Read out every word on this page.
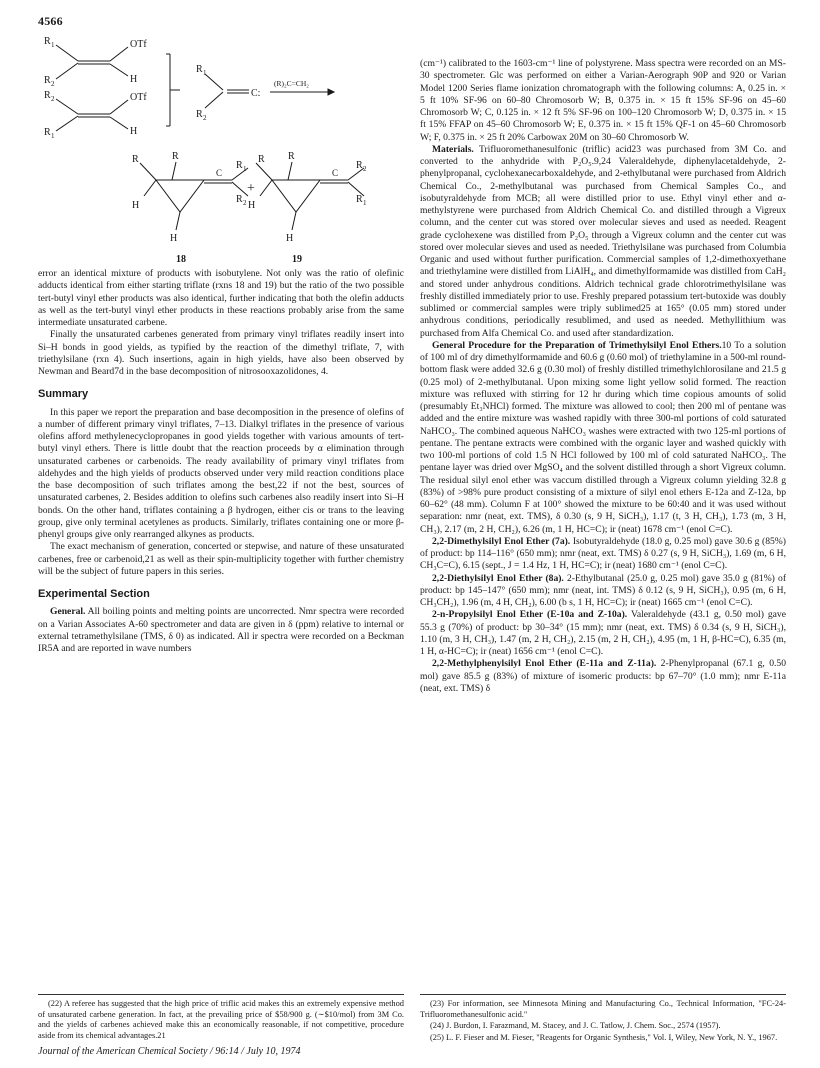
4566
R 1	OTf
R 2	H
R 2	OTf
R 1	H
R 1
R 2
C:
(R)₂C=CH₂
R	R
R 1
R 2
C
H
H
R R
R 2
R 1
C
H
H
+
18	19

error an identical mixture of products with isobutylene. Not only was the ratio of olefinic adducts identical from either starting triflate (rxns 18 and 19) but the ratio of the two possible tert-butyl vinyl ether products was also identical, further indicating that both the olefin adducts as well as the tert-butyl vinyl ether products in these reactions probably arise from the same intermediate unsaturated carbene.

Finally the unsaturated carbenes generated from primary vinyl triflates readily insert into Si–H bonds in good yields, as typified by the reaction of the dimethyl triflate, 7, with triethylsilane (rxn 4). Such insertions, again in high yields, have also been observed by Newman and Beard7d in the base decomposition of nitrosooxazolidones, 4.

Summary

In this paper we report the preparation and base decomposition in the presence of olefins of a number of different primary vinyl triflates, 7–13. Dialkyl triflates in the presence of various olefins afford methylenecyclopropanes in good yields together with various amounts of tert-butyl vinyl ethers. There is little doubt that the reaction proceeds by α elimination through unsaturated carbenes or carbenoids. The ready availability of primary vinyl triflates from aldehydes and the high yields of products observed under very mild reaction conditions place the base decomposition of such triflates among the best,22 if not the best, sources of unsaturated carbenes, 2. Besides addition to olefins such carbenes also readily insert into Si–H bonds. On the other hand, triflates containing a β hydrogen, either cis or trans to the leaving group, give only terminal acetylenes as products. Similarly, triflates containing one or more β-phenyl groups give only rearranged alkynes as products.

The exact mechanism of generation, concerted or stepwise, and nature of these unsaturated carbenes, free or carbenoid,21 as well as their spin-multiplicity together with further chemistry will be the subject of future papers in this series.

Experimental Section

General. All boiling points and melting points are uncorrected. Nmr spectra were recorded on a Varian Associates A-60 spectrometer and data are given in δ (ppm) relative to internal or external tetramethylsilane (TMS, δ 0) as indicated. All ir spectra were recorded on a Beckman IR5A and are reported in wave numbers

(cm⁻¹) calibrated to the 1603-cm⁻¹ line of polystyrene. Mass spectra were recorded on an MS-30 spectrometer. Glc was performed on either a Varian-Aerograph 90P and 920 or Varian Model 1200 Series flame ionization chromatograph with the following columns: A, 0.25 in. × 5 ft 10% SF-96 on 60–80 Chromosorb W; B, 0.375 in. × 15 ft 15% SF-96 on 45–60 Chromosorb W; C, 0.125 in. × 12 ft 5% SF-96 on 100–120 Chromosorb W; D, 0.375 in. × 15 ft 15% FFAP on 45–60 Chromosorb W; E, 0.375 in. × 15 ft 15% QF-1 on 45–60 Chromosorb W; F, 0.375 in. × 25 ft 20% Carbowax 20M on 30–60 Chromosorb W.

Materials. Trifluoromethanesulfonic (triflic) acid23 was purchased from 3M Co. and converted to the anhydride with P₂O₅.9,24 Valeraldehyde, diphenylacetaldehyde, 2-phenylpropanal, cyclohexanecarboxaldehyde, and 2-ethylbutanal were purchased from Aldrich Chemical Co., 2-methylbutanal was purchased from Chemical Samples Co., and isobutyraldehyde from MCB; all were distilled prior to use. Ethyl vinyl ether and α-methylstyrene were purchased from Aldrich Chemical Co. and distilled through a Vigreux column, and the center cut was stored over molecular sieves and used as needed. Reagent grade cyclohexene was distilled from P₂O₅ through a Vigreux column and the center cut was stored over molecular sieves and used as needed. Triethylsilane was purchased from Columbia Organic and used without further purification. Commercial samples of 1,2-dimethoxyethane and triethylamine were distilled from LiAlH₄, and dimethylformamide was distilled from CaH₂ and stored under anhydrous conditions. Aldrich technical grade chlorotrimethylsilane was freshly distilled immediately prior to use. Freshly prepared potassium tert-butoxide was doubly sublimed or commercial samples were triply sublimed25 at 165° (0.05 mm) stored under anhydrous conditions, periodically resublimed, and used as needed. Methyllithium was purchased from Alfa Chemical Co. and used after standardization.

General Procedure for the Preparation of Trimethylsilyl Enol Ethers.10 To a solution of 100 ml of dry dimethylformamide and 60.6 g (0.60 mol) of triethylamine in a 500-ml round-bottom flask were added 32.6 g (0.30 mol) of freshly distilled trimethylchlorosilane and 21.5 g (0.25 mol) of 2-methylbutanal. Upon mixing some light yellow solid formed. The reaction mixture was refluxed with stirring for 12 hr during which time copious amounts of solid (presumably Et₃NHCl) formed. The mixture was allowed to cool; then 200 ml of pentane was added and the entire mixture was washed rapidly with three 300-ml portions of cold saturated NaHCO₃. The combined aqueous NaHCO₃ washes were extracted with two 125-ml portions of pentane. The pentane extracts were combined with the organic layer and washed quickly with two 100-ml portions of cold 1.5 N HCl followed by 100 ml of cold saturated NaHCO₃. The pentane layer was dried over MgSO₄ and the solvent distilled through a short Vigreux column. The residual silyl enol ether was vaccum distilled through a Vigreux column yielding 32.8 g (83%) of >98% pure product consisting of a mixture of silyl enol ethers E-12a and Z-12a, bp 60–62° (48 mm). Column F at 100° showed the mixture to be 60:40 and it was used without separation: nmr (neat, ext. TMS), δ 0.30 (s, 9 H, SiCH₃), 1.17 (t, 3 H, CH₃), 1.73 (m, 3 H, CH₃), 2.17 (m, 2 H, CH₂), 6.26 (m, 1 H, HC=C); ir (neat) 1678 cm⁻¹ (enol C=C).

2,2-Dimethylsilyl Enol Ether (7a). Isobutyraldehyde (18.0 g, 0.25 mol) gave 30.6 g (85%) of product: bp 114–116° (650 mm); nmr (neat, ext. TMS) δ 0.27 (s, 9 H, SiCH₃), 1.69 (m, 6 H, CH₃C=C), 6.15 (sept., J = 1.4 Hz, 1 H, HC=C); ir (neat) 1680 cm⁻¹ (enol C=C).

2,2-Diethylsilyl Enol Ether (8a). 2-Ethylbutanal (25.0 g, 0.25 mol) gave 35.0 g (81%) of product: bp 145–147° (650 mm); nmr (neat, int. TMS) δ 0.12 (s, 9 H, SiCH₃), 0.95 (m, 6 H, CH₃CH₂), 1.96 (m, 4 H, CH₂), 6.00 (b s, 1 H, HC=C); ir (neat) 1665 cm⁻¹ (enol C=C).

2-n-Propylsilyl Enol Ether (E-10a and Z-10a). Valeraldehyde (43.1 g, 0.50 mol) gave 55.3 g (70%) of product: bp 30–34° (15 mm); nmr (neat, ext. TMS) δ 0.34 (s, 9 H, SiCH₃), 1.10 (m, 3 H, CH₃), 1.47 (m, 2 H, CH₂), 2.15 (m, 2 H, CH₂), 4.95 (m, 1 H, β-HC=C), 6.35 (m, 1 H, α-HC=C); ir (neat) 1656 cm⁻¹ (enol C=C).

2,2-Methylphenylsilyl Enol Ether (E-11a and Z-11a). 2-Phenylpropanal (67.1 g, 0.50 mol) gave 85.5 g (83%) of mixture of isomeric products: bp 67–70° (1.0 mm); nmr E-11a (neat, ext. TMS) δ

(22) A referee has suggested that the high price of triflic acid makes this an extremely expensive method of unsaturated carbene generation. In fact, at the prevailing price of $58/900 g. (∼$10/mol) from 3M Co. and the yields of carbenes achieved make this an economically reasonable, if not competitive, procedure aside from its chemical advantages.21

(23) For information, see Minnesota Mining and Manufacturing Co., Technical Information, "FC-24-Trifluoromethanesulfonic acid."

(24) J. Burdon, I. Farazmand, M. Stacey, and J. C. Tatlow, J. Chem. Soc., 2574 (1957).

(25) L. F. Fieser and M. Fieser, "Reagents for Organic Synthesis," Vol. I, Wiley, New York, N. Y., 1967.

Journal of the American Chemical Society / 96:14 / July 10, 1974
